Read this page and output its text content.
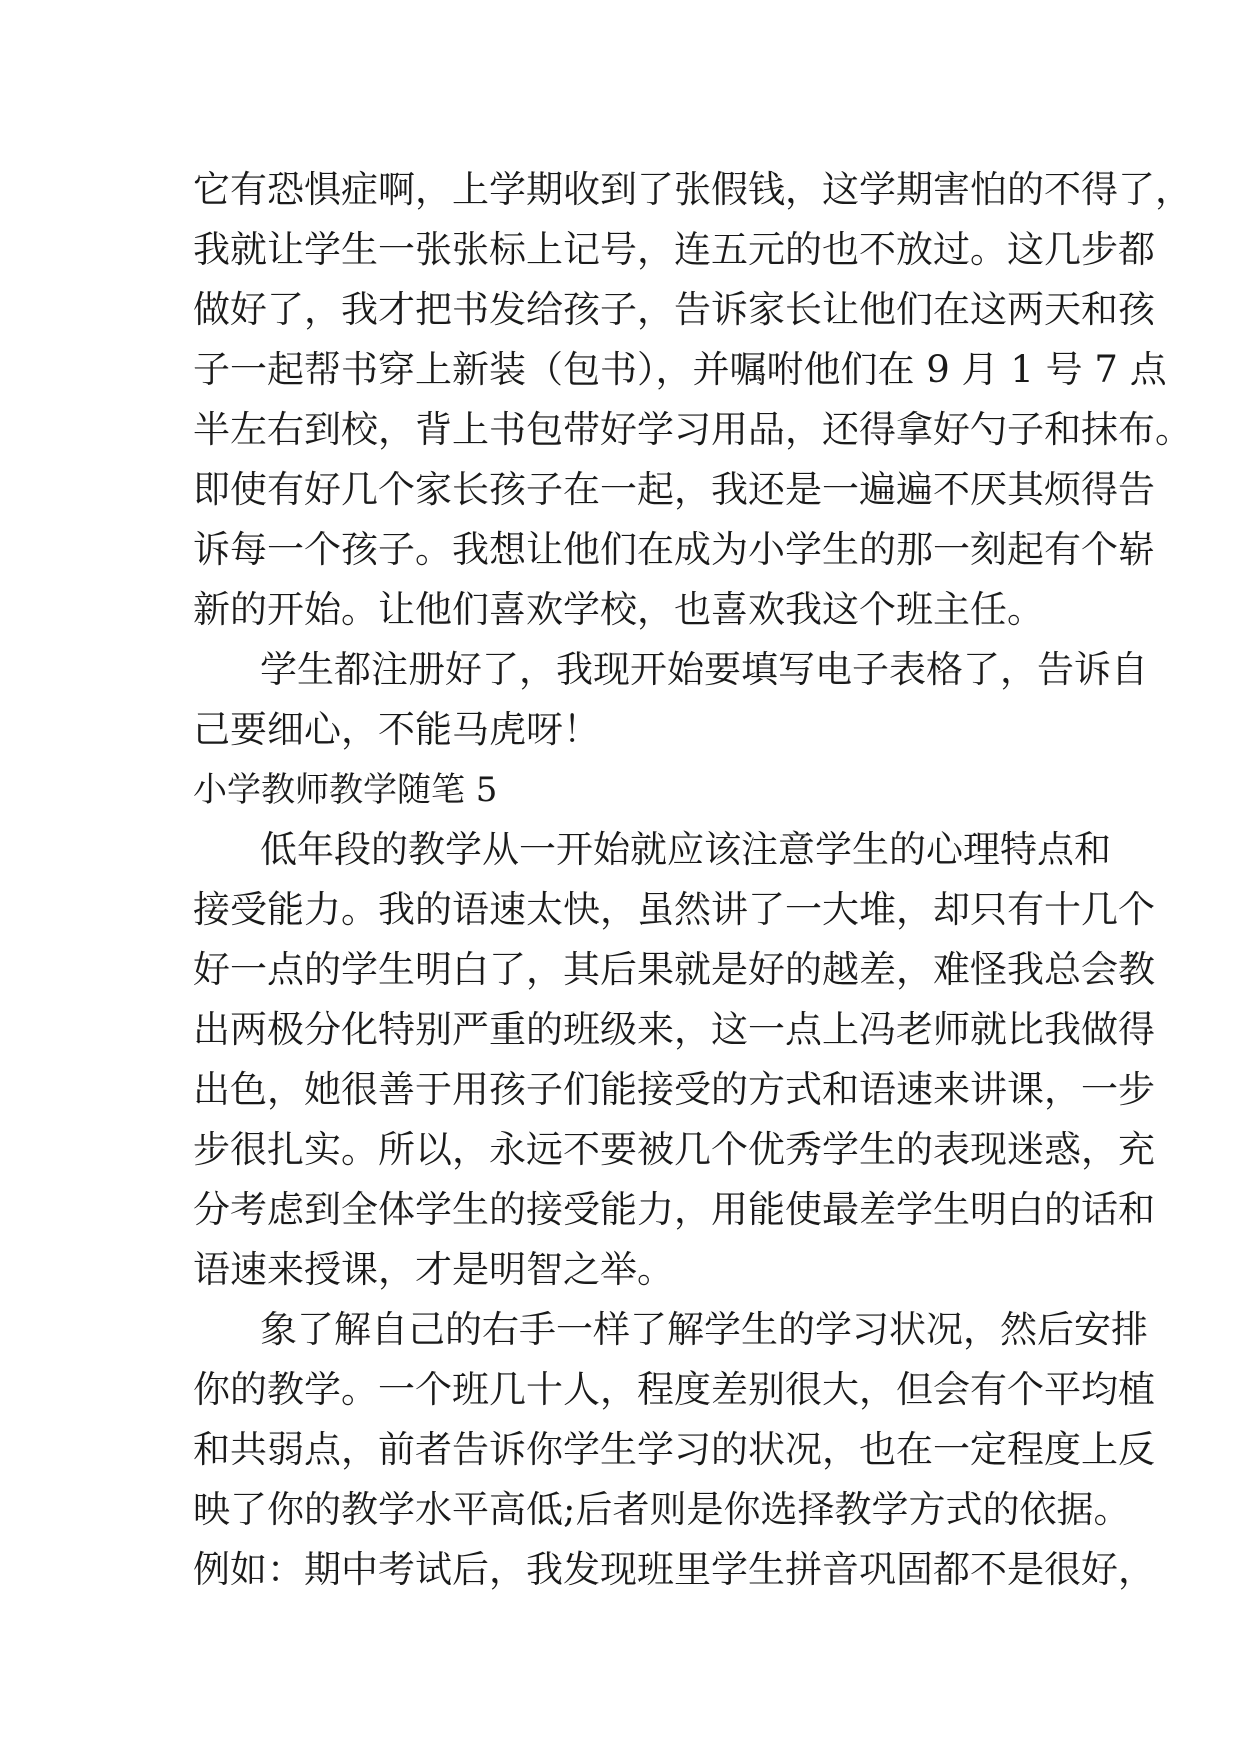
它有恐惧症啊，上学期收到了张假钱，这学期害怕的不得了，
我就让学生一张张标上记号，连五元的也不放过。这几步都
做好了，我才把书发给孩子，告诉家长让他们在这两天和孩
子一起帮书穿上新装（包书），并嘱咐他们在 9 月 1 号 7 点
半左右到校，背上书包带好学习用品，还得拿好勺子和抹布。
即使有好几个家长孩子在一起，我还是一遍遍不厌其烦得告
诉每一个孩子。我想让他们在成为小学生的那一刻起有个崭
新的开始。让他们喜欢学校，也喜欢我这个班主任。
学生都注册好了，我现开始要填写电子表格了，告诉自
己要细心，不能马虎呀！
小学教师教学随笔 5
低年段的教学从一开始就应该注意学生的心理特点和
接受能力。我的语速太快，虽然讲了一大堆，却只有十几个
好一点的学生明白了，其后果就是好的越差，难怪我总会教
出两极分化特别严重的班级来，这一点上冯老师就比我做得
出色，她很善于用孩子们能接受的方式和语速来讲课，一步
步很扎实。所以，永远不要被几个优秀学生的表现迷惑，充
分考虑到全体学生的接受能力，用能使最差学生明白的话和
语速来授课，才是明智之举。
象了解自己的右手一样了解学生的学习状况，然后安排
你的教学。一个班几十人，程度差别很大，但会有个平均植
和共弱点，前者告诉你学生学习的状况，也在一定程度上反
映了你的教学水平高低;后者则是你选择教学方式的依据。
例如：期中考试后，我发现班里学生拼音巩固都不是很好，
